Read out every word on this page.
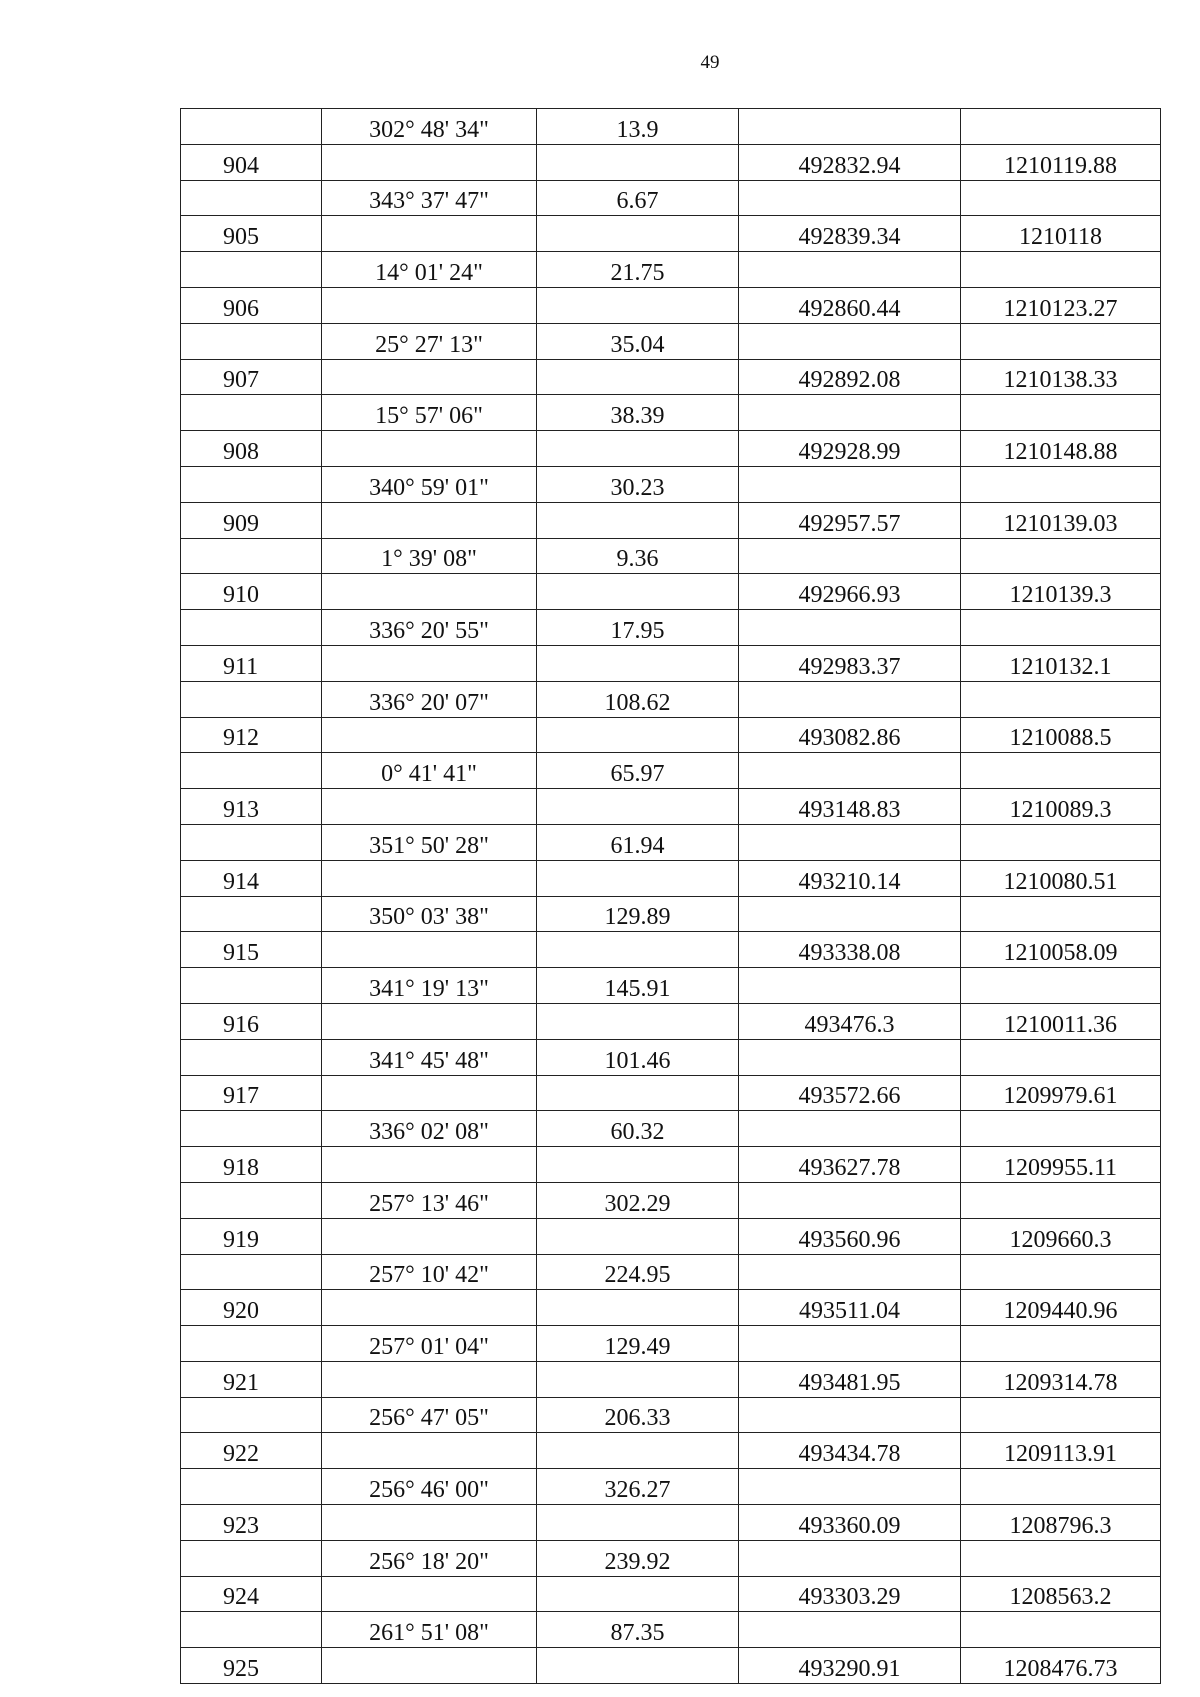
49
	302° 48' 34"	13.9		
904			492832.94	1210119.88
	343° 37' 47"	6.67		
905			492839.34	1210118
	14° 01' 24"	21.75		
906			492860.44	1210123.27
	25° 27' 13"	35.04		
907			492892.08	1210138.33
	15° 57' 06"	38.39		
908			492928.99	1210148.88
	340° 59' 01"	30.23		
909			492957.57	1210139.03
	1° 39' 08"	9.36		
910			492966.93	1210139.3
	336° 20' 55"	17.95		
911			492983.37	1210132.1
	336° 20' 07"	108.62		
912			493082.86	1210088.5
	0° 41' 41"	65.97		
913			493148.83	1210089.3
	351° 50' 28"	61.94		
914			493210.14	1210080.51
	350° 03' 38"	129.89		
915			493338.08	1210058.09
	341° 19' 13"	145.91		
916			493476.3	1210011.36
	341° 45' 48"	101.46		
917			493572.66	1209979.61
	336° 02' 08"	60.32		
918			493627.78	1209955.11
	257° 13' 46"	302.29		
919			493560.96	1209660.3
	257° 10' 42"	224.95		
920			493511.04	1209440.96
	257° 01' 04"	129.49		
921			493481.95	1209314.78
	256° 47' 05"	206.33		
922			493434.78	1209113.91
	256° 46' 00"	326.27		
923			493360.09	1208796.3
	256° 18' 20"	239.92		
924			493303.29	1208563.2
	261° 51' 08"	87.35		
925			493290.91	1208476.73
